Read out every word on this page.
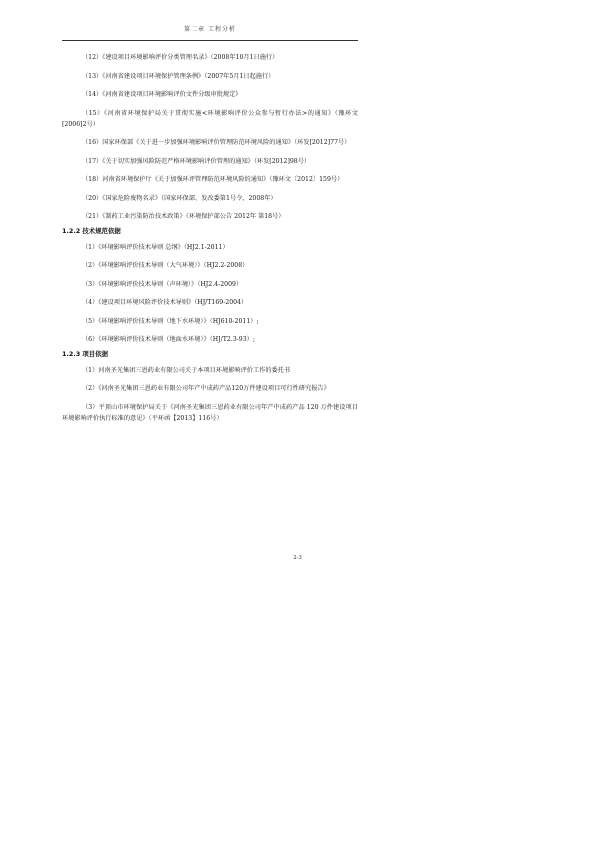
第二章 工程分析

（12）《建设项目环境影响评价分类管理名录》（2008年10月1日施行）

（13）《河南省建设项目环境保护管理条例》（2007年5月1日起施行）

（14）《河南省建设项目环境影响评价文件分级审批规定》

（15）《河南省环境保护局关于贯彻实施<环境影响评价公众参与暂行办法>的通知》（豫环文[2006]2号）

（16）国家环保部《关于进一步加强环境影响评价管理防范环境风险的通知》（环发[2012]77号）

（17）《关于切实加强风险防范严格环境影响评价管理的通知》（环发[2012]98号）

（18）河南省环境保护厅《关于加强环评管理防范环境风险的通知》（豫环文〔2012〕159号）

（20）《国家危险废物名录》（国家环保部、发改委第1号令，2008年）

（21）《制药工业污染防治技术政策》（环境保护部公告 2012年 第18号）

1.2.2 技术规范依据

（1）《环境影响评价技术导则 总纲》（HJ2.1-2011）

（2）《环境影响评价技术导则（大气环境）》（HJ2.2-2008）

（3）《环境影响评价技术导则（声环境）》（HJ2.4-2009）

（4）《建设项目环境风险评价技术导则》（HJ/T169-2004）

（5）《环境影响评价技术导则（地下水环境）》（HJ610-2011）;

（6）《环境影响评价技术导则（地面水环境）》（HJ/T2.3-93）;

1.2.3 项目依据

（1）河南圣光集团三恩药业有限公司关于本项目环境影响评价工作的委托书

（2）《河南圣光集团三恩药业有限公司年产中成药产品120万件建设项目可行性研究报告》

（3）平顶山市环境保护局关于《河南圣光集团三恩药业有限公司年产中成药产品 120 万件建设项目环境影响评价执行标准的意见》（平环函【2013】116号）

2-3
